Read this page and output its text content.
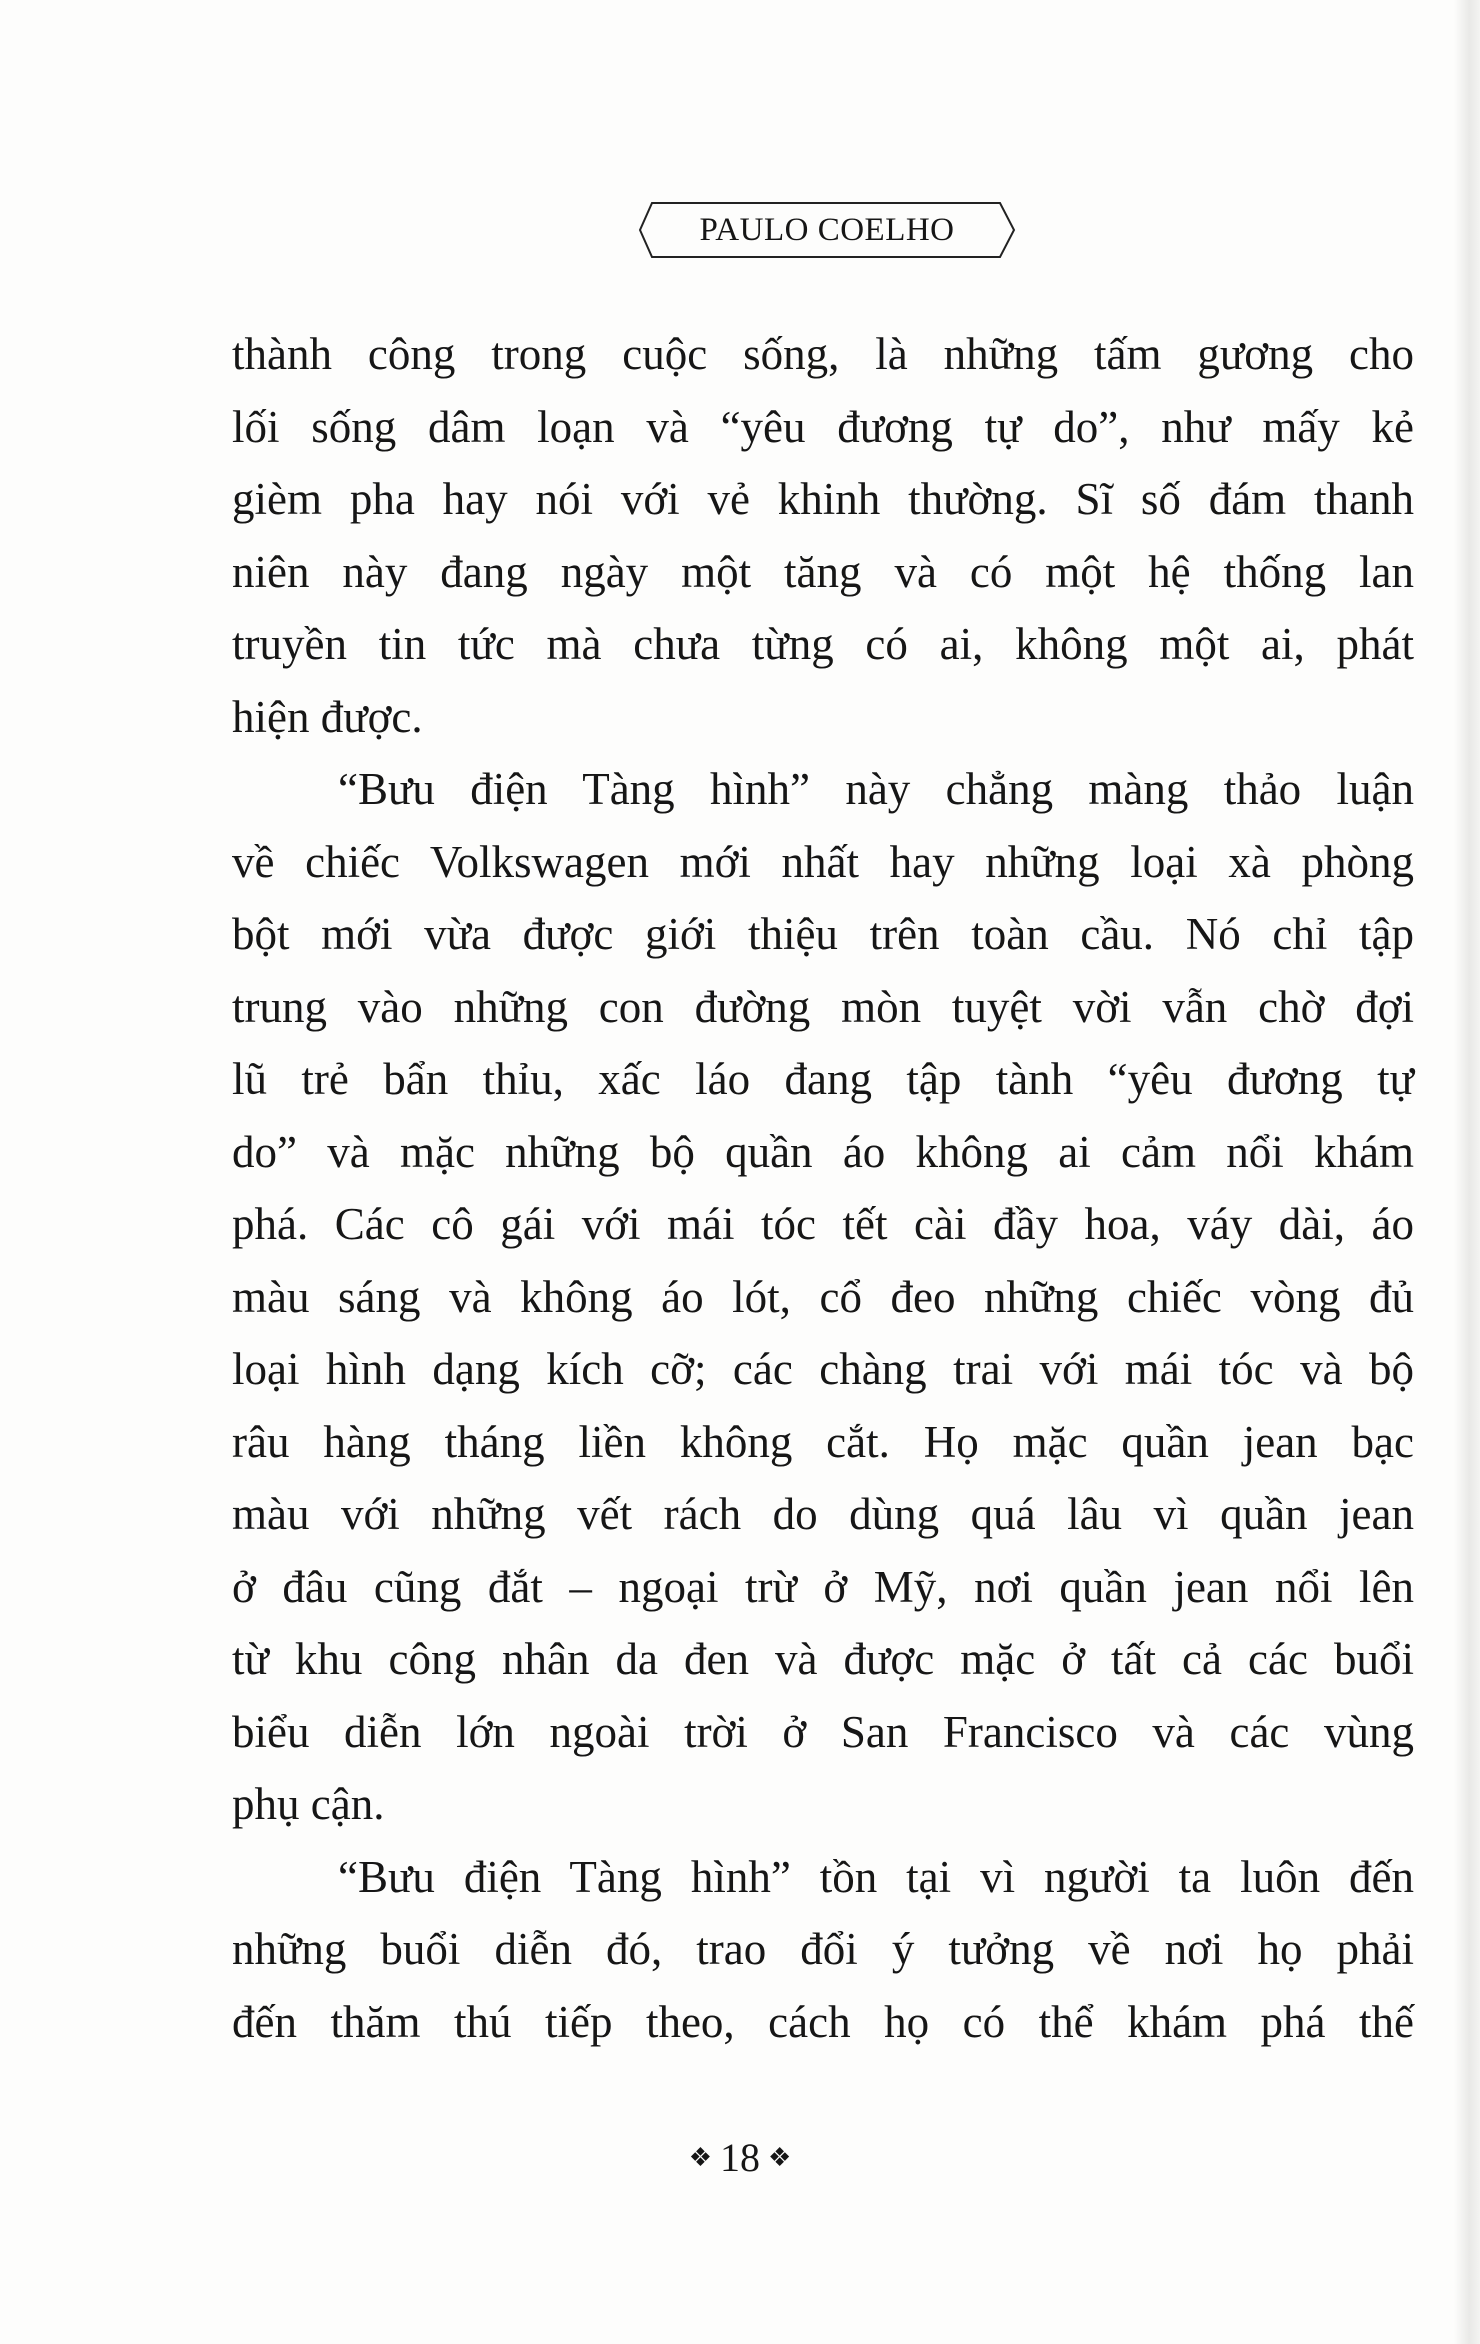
PAULO COELHO
thành công trong cuộc sống, là những tấm gương cho
lối sống dâm loạn và “yêu đương tự do”, như mấy kẻ
gièm pha hay nói với vẻ khinh thường. Sĩ số đám thanh
niên này đang ngày một tăng và có một hệ thống lan
truyền tin tức mà chưa từng có ai, không một ai, phát
hiện được.
“Bưu điện Tàng hình” này chẳng màng thảo luận
về chiếc Volkswagen mới nhất hay những loại xà phòng
bột mới vừa được giới thiệu trên toàn cầu. Nó chỉ tập
trung vào những con đường mòn tuyệt vời vẫn chờ đợi
lũ trẻ bẩn thỉu, xấc láo đang tập tành “yêu đương tự
do” và mặc những bộ quần áo không ai cảm nổi khám
phá. Các cô gái với mái tóc tết cài đầy hoa, váy dài, áo
màu sáng và không áo lót, cổ đeo những chiếc vòng đủ
loại hình dạng kích cỡ; các chàng trai với mái tóc và bộ
râu hàng tháng liền không cắt. Họ mặc quần jean bạc
màu với những vết rách do dùng quá lâu vì quần jean
ở đâu cũng đắt – ngoại trừ ở Mỹ, nơi quần jean nổi lên
từ khu công nhân da đen và được mặc ở tất cả các buổi
biểu diễn lớn ngoài trời ở San Francisco và các vùng
phụ cận.
“Bưu điện Tàng hình” tồn tại vì người ta luôn đến
những buổi diễn đó, trao đổi ý tưởng về nơi họ phải
đến thăm thú tiếp theo, cách họ có thể khám phá thế
❖ 18 ❖
